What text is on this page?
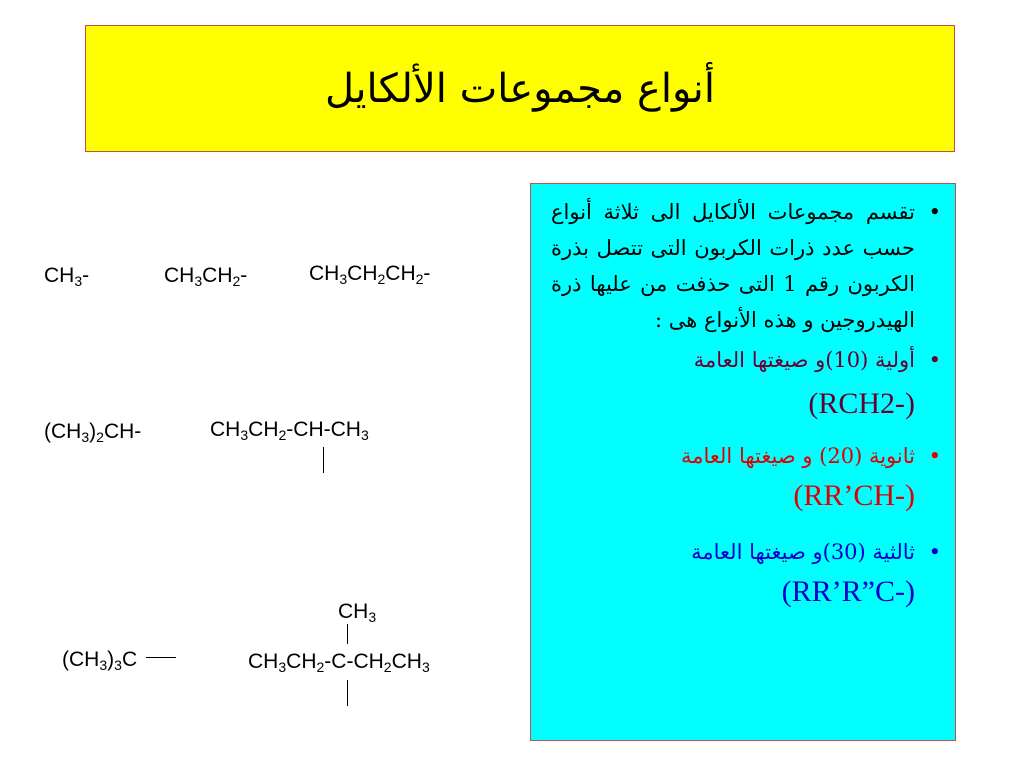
أنواع مجموعات الألكايل
•
تقسم مجموعات الألكايل الى ثلاثة أنواع حسب عدد ذرات الكربون التى تتصل بذرة الكربون رقم 1 التى حذفت من عليها ذرة الهيدروجين و هذه الأنواع هى :
•
أولية (10)و صيغتها العامة
(RCH2-)
•
ثانوية (20) و صيغتها العامة
(RR’CH-)
•
ثالثية (30)و صيغتها العامة
(RR’R”C-)
$CH_3-$	$CH_3CH_2-$	$CH_3CH_2CH_2-$
$(CH_3)_2CH-$	$CH_3CH_2-CH-CH_3$
$(CH_3)_3C$
$CH_3$
$CH_3CH_2-C-CH_2CH_3$
